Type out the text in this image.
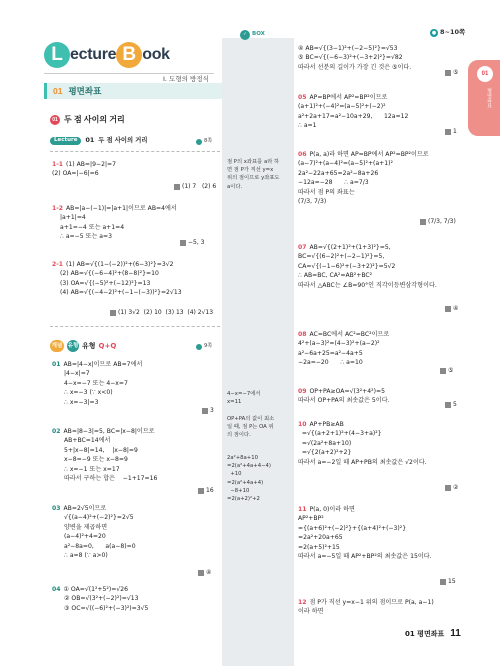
L ecture B ook
Ⅰ. 도형의 방정식
● 8~10쪽
01 평면좌표
01 두 점 사이의 거리
Lecture	01 두 점 사이의 거리	8쪽
1-1 (1) AB=|9−2|=7
(2) OA=|−6|=6
(1) 7   (2) 6
1-2 AB=|a−(−1)|=|a+1|이므로 AB=4에서
|a+1|=4
a+1=−4 또는 a+1=4
∴ a=−5 또는 a=3
−5, 3
2-1 (1) AB=√{(1−(−2))²+(6−3)²}=3√2
(2) AB=√{(−6−4)²+(8−8)²}=10
(3) OA=√{(−5)²+(−12)²}=13
(4) AB=√{(−4−2)²+(−1−(−3))²}=2√13
(1) 3√2  (2) 10  (3) 13  (4) 2√13
개념 유형 유형 Q+Q	9쪽
01 AB=|4−x|이므로 AB=7에서
|4−x|=7
4−x=−7 또는 4−x=7
∴ x=−3 (∵ x<0)
∴ x=−3|=3
3
02 AB=|8−3|=5, BC=|x−8|이므로
AB+BC=14에서
5+|x−8|=14,    |x−8|=9
x−8=−9 또는 x−8=9
∴ x=−1 또는 x=17
따라서 구하는 합은    −1+17=16
16
03 AB=2√5이므로
√{(a−4)²+(−2)²}=2√5
양변을 제곱하면
(a−4)²+4=20
a²−8a=0,      a(a−8)=0
∴ a=8 (∵ a>0)
④
04 ① OA=√(1²+5²)=√26
② OB=√(3²+(−2)²)=√13
③ OC=√((−6)²+(−3)²)=3√5
✓ BOX
점 P의 x좌표를 a라 하
면 점 P가 직선 y=x
위의 점이므로 y좌표도
a이다.
4−x=−7에서
x=11
OP+PA의 값이 최소
일 때, 점 P는 OA 위
의 점이다.
2a²+8a+10
=2(a²+4a+4−4)
+10
=2(a²+4a+4)
−8+10
=2(a+2)²+2
④ AB=√{(3−1)²+(−2−5)²}=√53
⑤ BC=√{(−6−3)²+(−3+2)²}=√82
따라서 선분의 길이가 가장 긴 것은 ⑤이다.
⑤
05 AP=BP에서 AP²=BP²이므로
(a+1)²+(−4)²=(a−5)²+(−2)²
a²+2a+17=a²−10a+29,      12a=12
∴ a=1
1
06 P(a, a)라 하면 AP=BP에서 AP²=BP²이므로
(a−7)²+(a−4)²=(a−5)²+(a+1)²
2a²−22a+65=2a²−8a+26
−12a=−28      ∴ a=7/3
따라서 점 P의 좌표는
(7/3, 7/3)
(7/3, 7/3)
07 AB=√{(2+1)²+(1+3)²}=5,
BC=√{(6−2)²+(−2−1)²}=5,
CA=√{(−1−6)²+(−3+2)²}=5√2
∴ AB=BC, CA²=AB²+BC²
따라서 △ABC는 ∠B=90°인 직각이등변삼각형이다.
④
08 AC=BC에서 AC²=BC²이므로
4²+(a−3)²=(4−3)²+(a−2)²
a²−6a+25=a²−4a+5
−2a=−20      ∴ a=10
⑤
09 OP+PA≥OA=√(3²+4²)=5
따라서 OP+PA의 최솟값은 5이다.
5
10 AP+PB≥AB
=√{(a+2+1)²+(4−3+a)²}
=√(2a²+8a+10)
=√{2(a+2)²+2}
따라서 a=−2일 때 AP+PB의 최솟값은 √2이다.
②
11 P(a, 0)이라 하면
AP²+BP²
={(a+6)²+(−2)²}+{(a+4)²+(−3)²}
=2a²+20a+65
=2(a+5)²+15
따라서 a=−5일 때 AP²+BP²의 최솟값은 15이다.
15
12 점 P가 직선 y=x−1 위의 점이므로 P(a, a−1)
이라 하면
01
평면좌표
01 평면좌표 11
